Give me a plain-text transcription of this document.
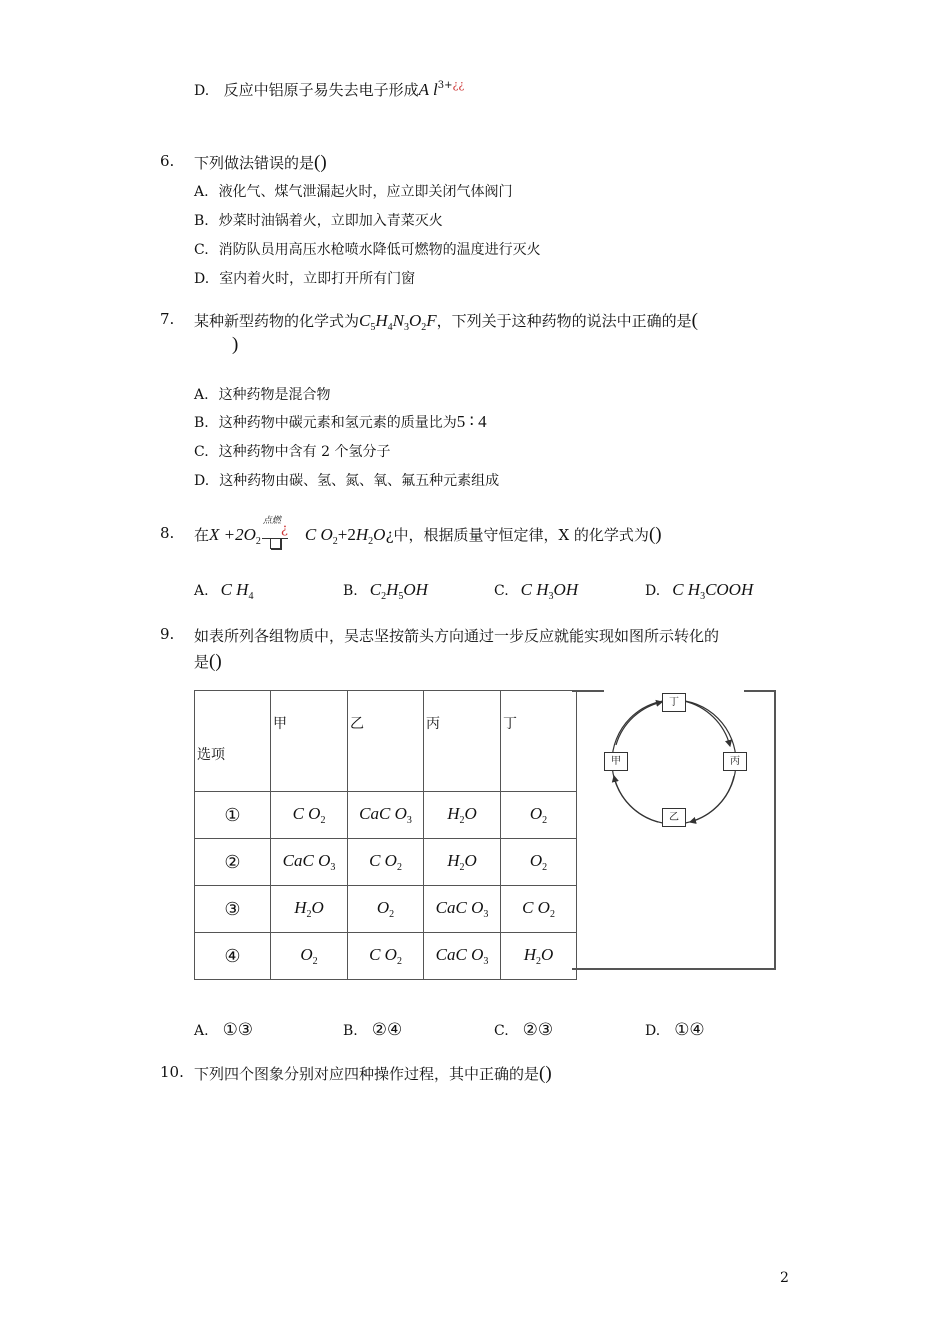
D. 反应中铝原子易失去电子形成A $l^{3+¿¿}$
6. 下列做法错误的是()
A. 液化气、煤气泄漏起火时，应立即关闭气体阀门
B. 炒菜时油锅着火，立即加入青菜灭火
C. 消防队员用高压水枪喷水降低可燃物的温度进行灭火
D. 室内着火时，立即打开所有门窗
7. 某种新型药物的化学式为$C_5H_4N_3O_2F$，下列关于这种药物的说法中正确的是(
)
A. 这种药物是混合物
B. 这种药物中碳元素和氢元素的质量比为5 ∶ 4
C. 这种药物中含有 2 个氢分子
D. 这种药物由碳、氢、氮、氧、氟五种元素组成
8. 在$X +2O_2$
点燃
¿ C $O_2+2H_2O¿$中，根据质量守恒定律，X 的化学式为()
A. C $H_4$	B. $C_2H_5OH$	C. C $H_3OH$	D. C $H_3COOH$
9. 如表所列各组物质中，吴志坚按箭头方向通过一步反应就能实现如图所示转化的
是()
丁
甲	丙
乙
选项	甲	乙	丙	丁
①	C $O_2$	CaC $O_3$	$H_2O$	$O_2$
②	CaC $O_3$	C $O_2$	$H_2O$	$O_2$
③	$H_2O$	$O_2$	CaC $O_3$	C $O_2$
④	$O_2$	C $O_2$	CaC $O_3$	$H_2O$
A. ①③	B. ②④	C. ②③	D. ①④
10. 下列四个图象分别对应四种操作过程，其中正确的是()
2
